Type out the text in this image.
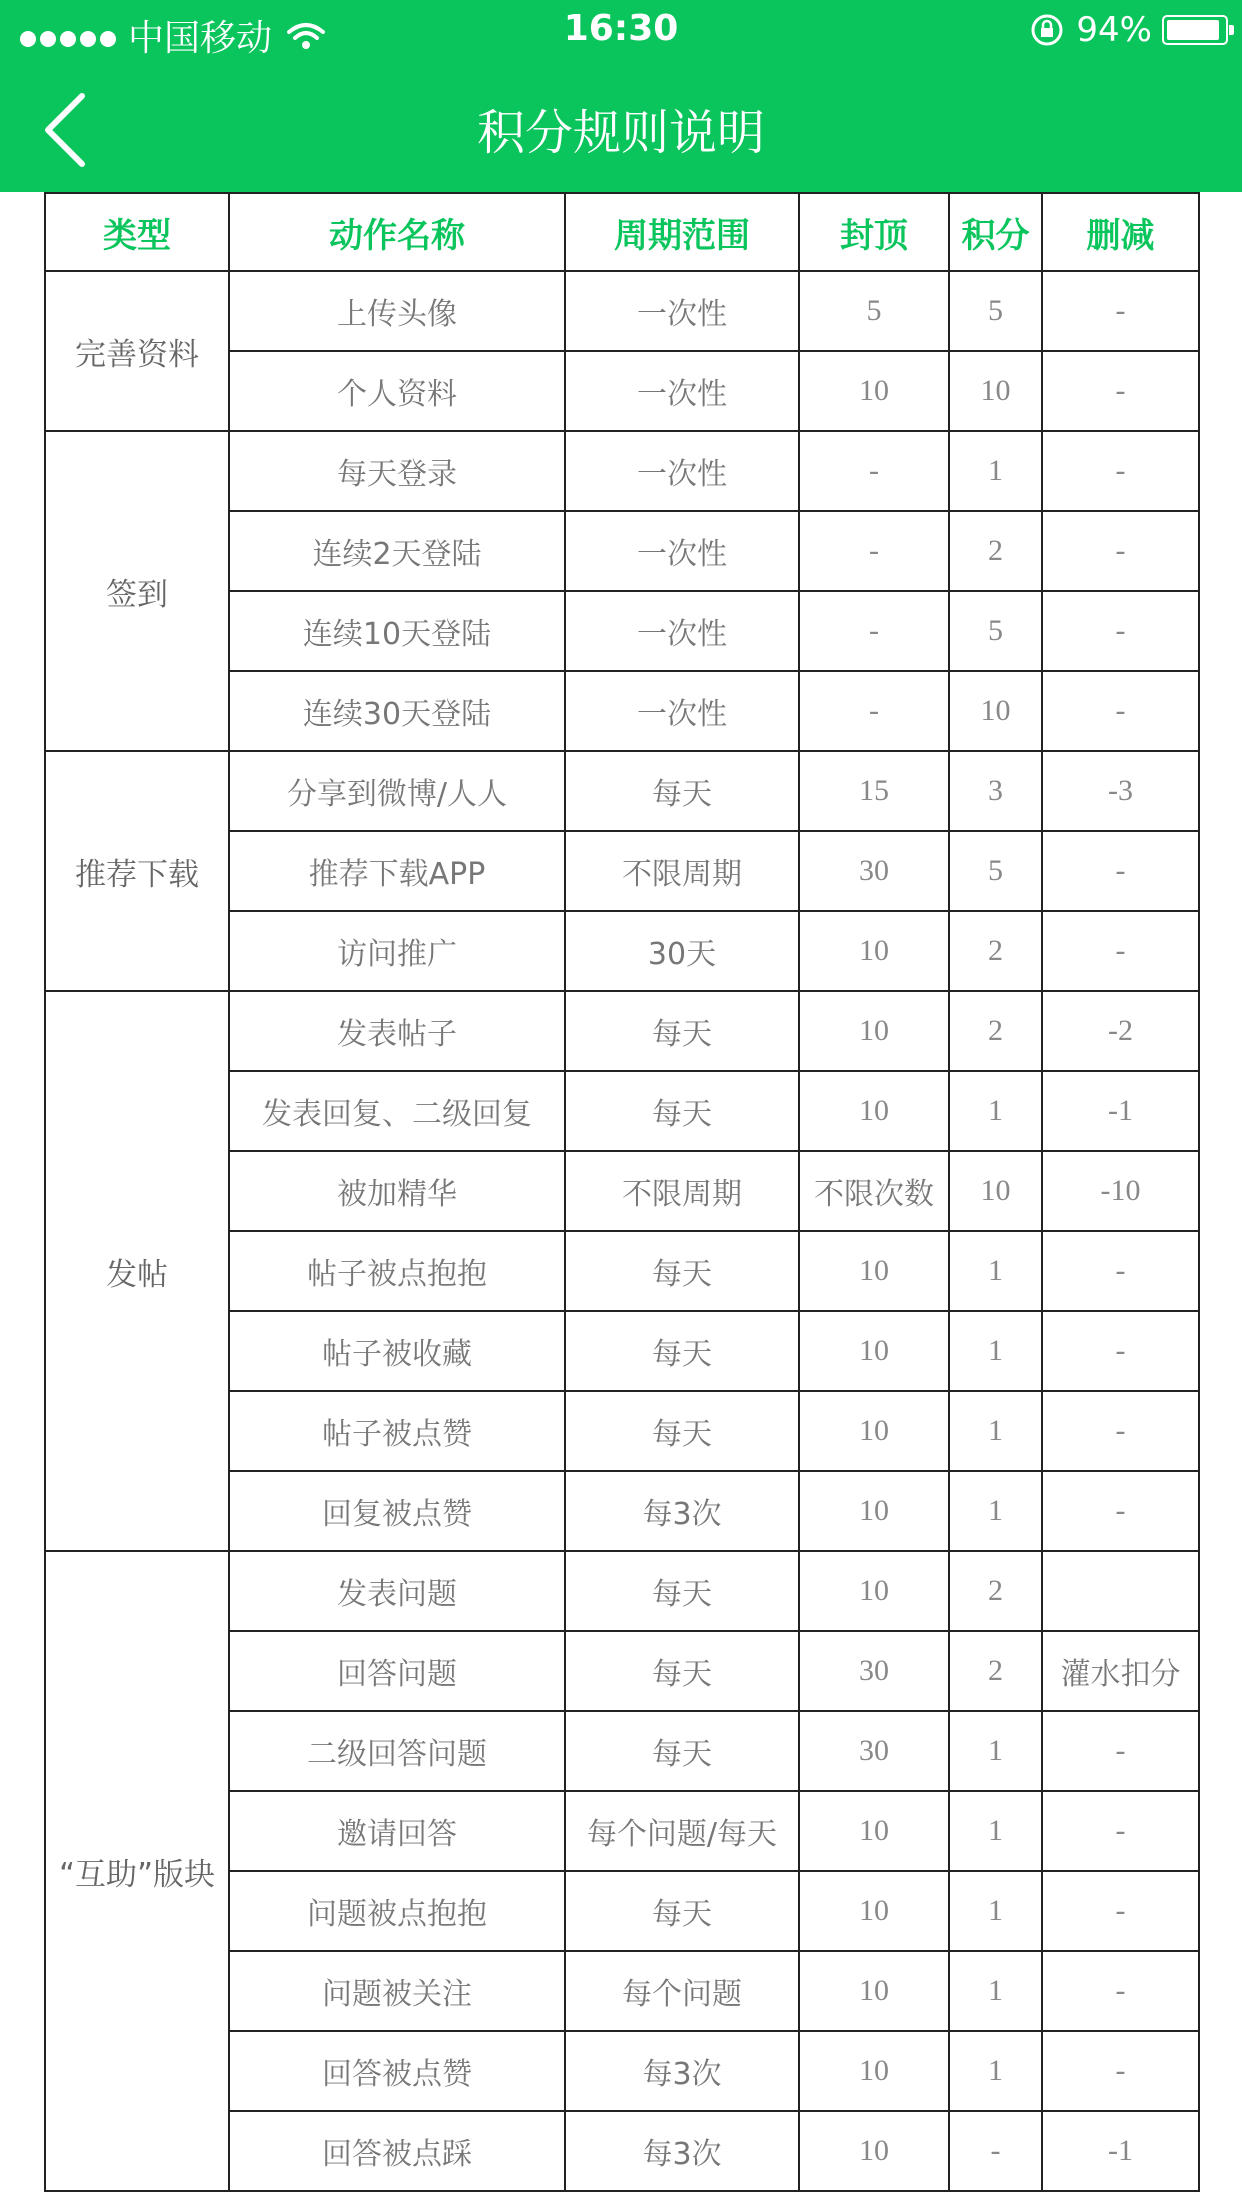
中国移动	16:30	94%
积分规则说明
类型	动作名称	周期范围	封顶	积分	删减
完善资料	上传头像	一次性	5	5	-
	个人资料	一次性	10	10	-
签到	每天登录	一次性	-	1	-
	连续2天登陆	一次性	-	2	-
	连续10天登陆	一次性	-	5	-
	连续30天登陆	一次性	-	10	-
推荐下载	分享到微博/人人	每天	15	3	-3
	推荐下载APP	不限周期	30	5	-
	访问推广	30天	10	2	-
发帖	发表帖子	每天	10	2	-2
	发表回复、二级回复	每天	10	1	-1
	被加精华	不限周期	不限次数	10	-10
	帖子被点抱抱	每天	10	1	-
	帖子被收藏	每天	10	1	-
	帖子被点赞	每天	10	1	-
	回复被点赞	每3次	10	1	-
“互助”版块	发表问题	每天	10	2	
	回答问题	每天	30	2	灌水扣分
	二级回答问题	每天	30	1	-
	邀请回答	每个问题/每天	10	1	-
	问题被点抱抱	每天	10	1	-
	问题被关注	每个问题	10	1	-
	回答被点赞	每3次	10	1	-
	回答被点踩	每3次	10	-	-1
